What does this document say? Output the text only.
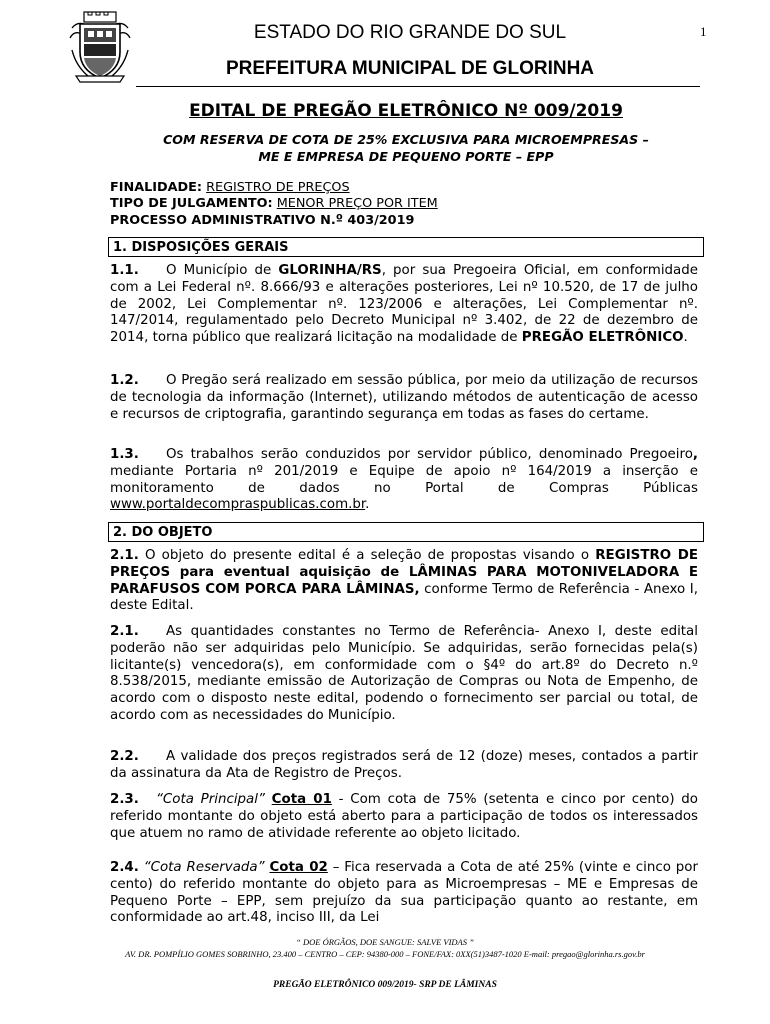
ESTADO DO RIO GRANDE DO SUL	1
PREFEITURA MUNICIPAL DE GLORINHA
EDITAL DE PREGÃO ELETRÔNICO Nº 009/2019
COM RESERVA DE COTA DE 25% EXCLUSIVA PARA MICROEMPRESAS –
ME E EMPRESA DE PEQUENO PORTE – EPP
FINALIDADE: REGISTRO DE PREÇOS
TIPO DE JULGAMENTO: MENOR PREÇO POR ITEM
PROCESSO ADMINISTRATIVO N.º 403/2019
1. DISPOSIÇÕES GERAIS
1.1. O Município de GLORINHA/RS, por sua Pregoeira Oficial, em conformidade com a Lei Federal nº. 8.666/93 e alterações posteriores, Lei nº 10.520, de 17 de julho de 2002, Lei Complementar nº. 123/2006 e alterações, Lei Complementar nº. 147/2014, regulamentado pelo Decreto Municipal nº 3.402, de 22 de dezembro de 2014, torna público que realizará licitação na modalidade de PREGÃO ELETRÔNICO.
1.2. O Pregão será realizado em sessão pública, por meio da utilização de recursos de tecnologia da informação (Internet), utilizando métodos de autenticação de acesso e recursos de criptografia, garantindo segurança em todas as fases do certame.
1.3. Os trabalhos serão conduzidos por servidor público, denominado Pregoeiro, mediante Portaria nº 201/2019 e Equipe de apoio nº 164/2019 a inserção e monitoramento de dados no Portal de Compras Públicas www.portaldecompraspublicas.com.br.
2. DO OBJETO
2.1. O objeto do presente edital é a seleção de propostas visando o REGISTRO DE PREÇOS para eventual aquisição de LÂMINAS PARA MOTONIVELADORA E PARAFUSOS COM PORCA PARA LÂMINAS, conforme Termo de Referência - Anexo I, deste Edital.
2.1. As quantidades constantes no Termo de Referência- Anexo I, deste edital poderão não ser adquiridas pelo Município. Se adquiridas, serão fornecidas pela(s) licitante(s) vencedora(s), em conformidade com o §4º do art.8º do Decreto n.º 8.538/2015, mediante emissão de Autorização de Compras ou Nota de Empenho, de acordo com o disposto neste edital, podendo o fornecimento ser parcial ou total, de acordo com as necessidades do Município.
2.2. A validade dos preços registrados será de 12 (doze) meses, contados a partir da assinatura da Ata de Registro de Preços.
2.3. “Cota Principal” Cota 01 - Com cota de 75% (setenta e cinco por cento) do referido montante do objeto está aberto para a participação de todos os interessados que atuem no ramo de atividade referente ao objeto licitado.
2.4. “Cota Reservada” Cota 02 – Fica reservada a Cota de até 25% (vinte e cinco por cento) do referido montante do objeto para as Microempresas – ME e Empresas de Pequeno Porte – EPP, sem prejuízo da sua participação quanto ao restante, em conformidade ao art.48, inciso III, da Lei
“ DOE ÓRGÃOS, DOE SANGUE: SALVE VIDAS ”
AV. DR. POMPÍLIO GOMES SOBRINHO, 23.400 – CENTRO – CEP: 94380-000 – FONE/FAX: 0XX(51)3487-1020 E-mail: pregao@glorinha.rs.gov.br
PREGÃO ELETRÔNICO 009/2019- SRP DE LÂMINAS
